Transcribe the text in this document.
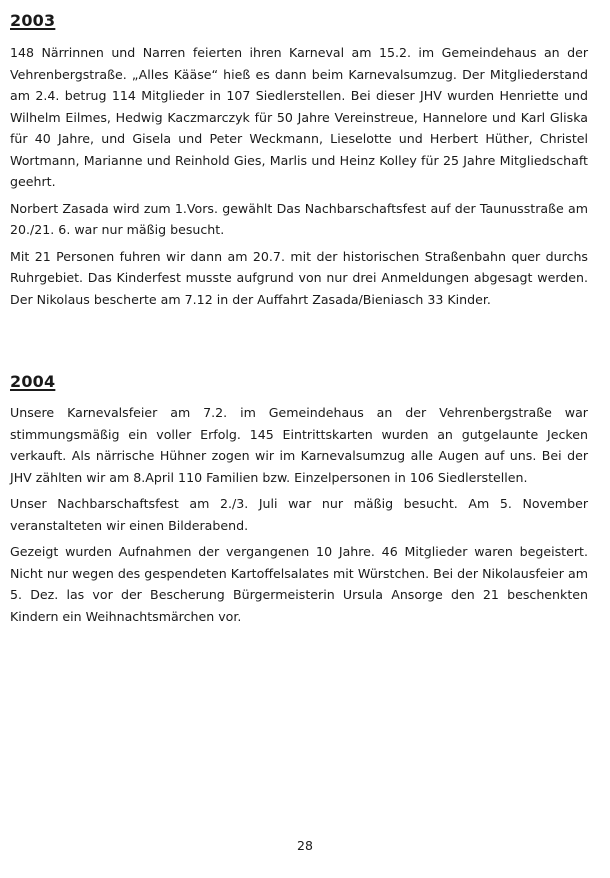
2003

148 Närrinnen und Narren feierten ihren Karneval am 15.2. im Gemeindehaus an der Vehrenbergstraße. „Alles Kääse“ hieß es dann beim Karnevalsumzug. Der Mitgliederstand am 2.4. betrug 114 Mitglieder in 107 Siedlerstellen. Bei dieser JHV wurden Henriette und Wilhelm Eilmes, Hedwig Kaczmarczyk für 50 Jahre Vereinstreue, Hannelore und Karl Gliska für 40 Jahre, und Gisela und Peter Weckmann, Lieselotte und Herbert Hüther, Christel Wortmann, Marianne und Reinhold Gies, Marlis und Heinz Kolley für 25 Jahre Mitgliedschaft geehrt.

Norbert Zasada wird zum 1.Vors. gewählt Das Nachbarschaftsfest auf der Taunusstraße am 20./21. 6. war nur mäßig besucht.

Mit 21 Personen fuhren wir dann am 20.7. mit der historischen Straßenbahn quer durchs Ruhrgebiet. Das Kinderfest musste aufgrund von nur drei Anmeldungen abgesagt werden. Der Nikolaus bescherte am 7.12 in der Auffahrt Zasada/Bieniasch 33 Kinder.

2004

Unsere Karnevalsfeier am 7.2. im Gemeindehaus an der Vehrenbergstraße war stimmungsmäßig ein voller Erfolg. 145 Eintrittskarten wurden an gutgelaunte Jecken verkauft. Als närrische Hühner zogen wir im Karnevalsumzug alle Augen auf uns. Bei der JHV zählten wir am 8.April 110 Familien bzw. Einzelpersonen in 106 Siedlerstellen.

Unser Nachbarschaftsfest am 2./3. Juli war nur mäßig besucht. Am 5. November veranstalteten wir einen Bilderabend.

Gezeigt wurden Aufnahmen der vergangenen 10 Jahre. 46 Mitglieder waren begeistert. Nicht nur wegen des gespendeten Kartoffelsalates mit Würstchen. Bei der Nikolausfeier am 5. Dez. las vor der Bescherung Bürgermeisterin Ursula Ansorge den 21 beschenkten Kindern ein Weihnachtsmärchen vor.

28
